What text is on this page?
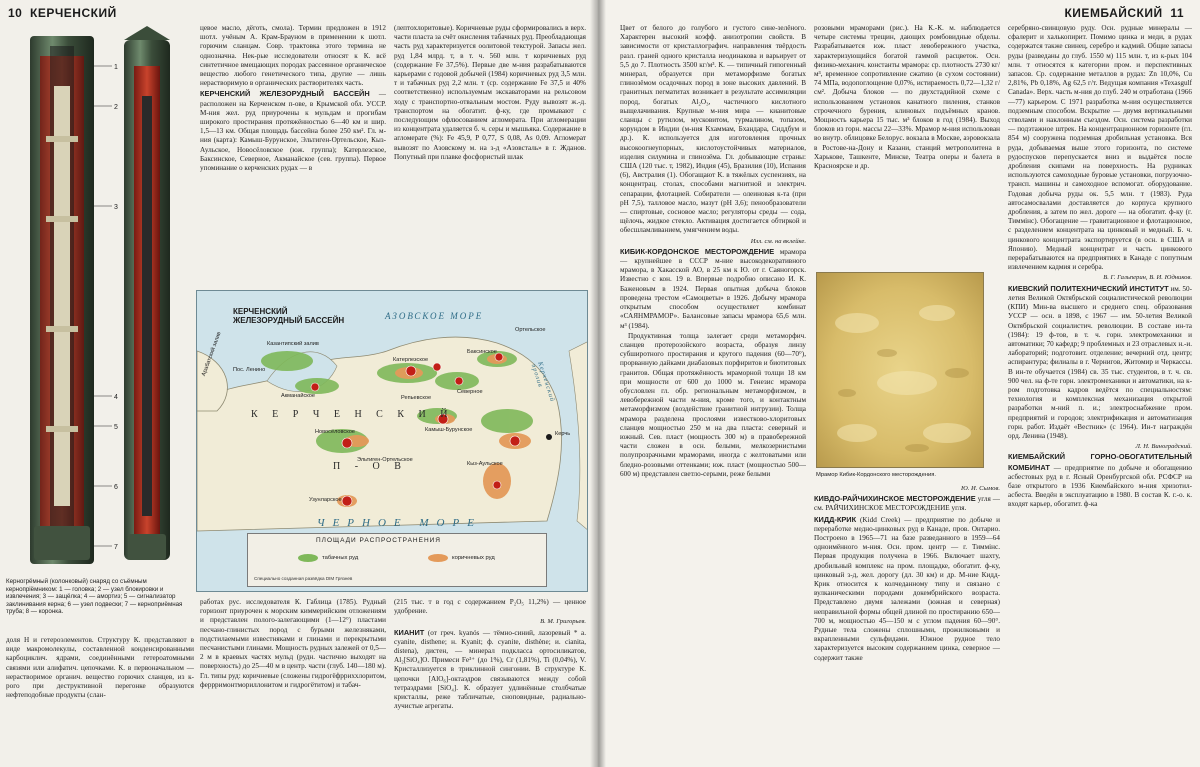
10 КЕРЧЕНСКИЙ
1
2
3
4
5
6
7
Керногрёмный (колонковый) снаряд со съёмным кернопріёмником: 1 — головка; 2 — узел блокировки и извлечения; 3 — защёлка; 4 — амортиз; 5 — сигнализатор заклинивания керна; 6 — узел подвески; 7 — керноприёмная труба; 8 — коронка.

доля Н и гетероэлементов. Структуру К. представляют в виде макромолекулы, составленной конденсированными карбоциклич. ядрами, соединёнными гетероатомными связями или алифатич. цепочками. К. в первоначальном — нерастворимое органич. вещество горючих сланцев, из к-рого при деструктивной перегонке образуются нефтеподобные продукты (слан-

цевое масло, дёготь, смола). Термин предложен в 1912 шотл. учёным А. Крам-Брауном в применении к шотл. горючим сланцам. Совр. трактовка этого термина не однозначна. Нек-рые исследователи относят к К. всё синтетичное вмещающих породах рассеянное органическое вещество любого генетического типа, другие — лишь нерастворимую в органических растворителях часть.

КЕРЧЕНСКИЙ ЖЕЛЕЗОРУДНЫЙ БАССЕЙН — расположен на Керченском п-ове, в Крымской обл. УССР. М-ния жел. руд приурочены к мульдам и прогибам широкого простирания протяжённостью 6—40 км и шир. 1,5—13 км. Общая площадь бассейна более 250 км². Гл. м-ния (карта): Камыш-Бурунское, Эльтиген-Ортельское, Кыз-Аульское, Новосёловское (юж. группа); Катерлезское, Баксинское, Северное, Акманайское (сев. группа). Первое упоминание о керченских рудах — в

(лептохлоритовые). Коричневые руды сформировались в верх. части пласта за счёт окисления табачных руд. Преобладающая часть руд характеризуется оолитовой текстурой. Запасы жел. руд 1,84 млрд. т, в т. ч. 560 млн. т коричневых руд (содержание Fe 37,5%). Первые две м-ния разрабатываются карьерами с годовой добычей (1984) коричневых руд 3,5 млн. т и табачных руд 2,2 млн. т (ср. содержание Fe 37,5 и 40% соответственно) используемым экскаваторами на рельсовом ходу с транспортно-отвальным мостом. Руду вывозят ж.-д. транспортом на обогатит. ф-ку, где промывают с последующим офлюсованием агломерата. При агломерации из концентрата удаляется б. ч. серы и мышьяка. Содержание в агломерате (%): Fe 45,9, P 0,77, S 0,08, As 0,09. Агломерат вывозят по Азовскому м. на з-д «Азовсталь» в г. Жданов. Попутный при плавке фосфористый шлак

КЕРЧЕНСКИЙ
ЖЕЛЕЗОРУДНЫЙ БАССЕЙН	АЗОВСКОЕ МОРЕ
ЧЕРНОЕ МОРЕ
Керченский пролив
Казантипский залив
Арабатский залив
К Е Р Ч Е Н С К И Й
П - О В
Катерлезское
Баксинское
Северное
Акманайское
Новосёловское	Камыш-Бурунское
Эльтиген-Ортельское
Кыз-Аульское
Ортельское
Керчь
Узунларское
Репьевское
Пос. Ленино
ПЛОЩАДИ РАСПРОСТРАНЕНИЯ
табачных руд	коричневых руд
Специально созданная развёдка DIM Грязнев

работах рус. исследователя К. Габлица (1785). Рудный горизонт приурочен к морским киммерийским отложениям и представлен полого-залегающими (1—12°) пластами песчано-глинистых пород с бурыми железняками, подстилаемыми известняками и глинами и перекрытыми песчанистыми глинами. Мощность рудных залежей от 0,5—2 м в краевых частях мульд (рудн. частично выходят на поверхность) до 25—40 м в центр. части (глуб. 140—180 м). Гл. типы руд: коричневые (сложены гидрогёфрриххлоритом, феррримонтмориллонитом и гидрогётитом) и табач-

(215 тыс. т в год с содержанием P₂O₅ 11,2%) — ценное удобрение.

В. М. Григорьев.

КИАНИТ (от греч. kyanós — тёмно-синий, лазоревый * а. cyanite, disthene; н. Kyanit; ф. cyanite, disthène; и. cianita, distena), дистен, — минерал подкласса ортосиликатов, Al₂[SiO₄]O. Примеси Fe³⁺ (до 1%), Cr (1,81%), Ti (0,04%), V. Кристаллизуется в триклинной сингонии. В структуре К. цепочки [AlO₆]-октаэдров связываются между собой тетраэдрами [SiO₄]. К. образует удлинённые столбчатые кристаллы, реже табличатые, сноповидные, радиально-лучистые агрегаты.

КИЕМБАЙСКИЙ 11

Цвет от белого до голубого и густого сине-зелёного. Характерен высокий коэфф. анизотропии свойств. В зависимости от кристаллографич. направления твёрдость разл. граней одного кристалла неодинакова и варьирует от 5,5 до 7. Плотность 3500 кг/м³. К. — типичный гипогенный минерал, образуется при метаморфизме богатых глинозёмом осадочных пород в зоне высоких давлений. В гранитных пегматитах возникает в результате ассимиляции пород, богатых Al₂O₃, частичного кислотного выщелачивания. Крупные м-ния мира — кианитовые сланцы с рутилом, мусковитом, турмалином, топазом, корундом в Индии (м-ния Кхаммам, Бхандара, Сиддбум и др.). К. используется для изготовления прочных высокоогнеупорных, кислотоустойчивых материалов, изделия силумина и глинозёма. Гл. добывающие страны: США (120 тыс. т, 1982), Индия (45), Бразилия (10), Испания (6), Австралия (1). Обогащают К. в тяжёлых суспензиях, на концентрац. столах, способами магнитной и электрич. сепарации, флотацией. Собиратели — олеиновая к-та (при pH 7,5), талловое масло, мазут (pH 3,6); пенообразователи — спиртовые, сосновое масло; регуляторы среды — сода, щёлочь, жидкое стекло. Активация достигается обтиркой и обесшламливанием, умягчением воды.

Илл. см. на вклейке.

КИБИК-КОРДОНСКОЕ МЕСТОРОЖДЕНИЕ мрамора — крупнейшее в СССР м-ние высокодекоративного мрамора, в Хакасской АО, в 25 км к Ю. от г. Саяногорск. Известно с кон. 19 в. Впервые подробно описано И. К. Баженовым в 1924. Первая опытная добыча блоков проведена трестом «Самоцветы» в 1926. Добычу мрамора открытым способом осуществляет комбинат «САЯНМРАМОР». Балансовые запасы мрамора 65,6 млн. м³ (1984).

Продуктивная толща залегает среди метаморфич. сланцев протерозойского возраста, образуя линзу субширотного простирания и крутого падения (60—70°), прорванную дайками диабазовых порфиритов и биотитовых гранитов. Общая протяжённость мраморной толщи 18 км при мощности от 600 до 1000 м. Генезис мрамора обусловлен гл. обр. региональным метаморфизмом, в левобережной части м-ния, кроме того, и контактным метаморфизмом (воздействие гранитной интрузии). Толща мрамора разделена прослоями известково-хлоритовых сланцев мощностью 250 м на два пласта: северный и южный. Сев. пласт (мощность 300 м) в правобережной части сложен в осн. белыми, мелкозернистыми полупрозрачными мраморами, иногда с желтоватыми или бледно-розовыми оттенками; юж. пласт (мощностью 500—600 м) представлен светло-серыми, реже белыми

розовыми мраморами (рис.). На К.-К. м. наблюдается четыре системы трещин, дающих ромбовидные обделы. Разрабатывается юж. пласт левобережного участка, характеризующийся богатой гаммой расцветок. Осн. физико-механич. константы мрамора: ср. плотность 2730 кг/м³, временное сопротивление сжатию (в сухом состоянии) 74 МПа, водопоглощение 0,07%, истираемость 0,72—1,32 г/см². Добыча блоков — по двухстадийной схеме с использованием установок канатного пиления, станков строчечного бурения, клиновых подъёмных кранов. Мощность карьера 15 тыс. м³ блоков в год (1984). Выход блоков из горн. массы 22—33%. Мрамор м-ния использован во внутр. облицовке Белорус. вокзала в Москве, аэровокзала в Ростове-на-Дону и Казани, станций метрополитена в Харькове, Ташкенте, Минске, Театра оперы и балета в Красноярске и др.

Ю. И. Сымов.

КИВДО-РАЙЧИХИНСКОЕ МЕСТОРОЖДЕНИЕ угля — см. РАЙЧИХИНСКОЕ МЕСТОРОЖДЕНИЕ угля.

КИДД-КРИК (Kidd Creek) — предприятие по добыче и переработке медно-цинковых руд в Канаде, пров. Онтарио. Построено в 1965—71 на базе разведанного в 1959—64 одноимённого м-ния. Осн. пром. центр — г. Тиммінс. Первая продукция получена в 1966. Включает шахту, дробильный комплекс на пром. площадке, обогатит. ф-ку, цинковый з-д, жел. дорогу (дл. 30 км) и др. М-ние Кидд-Крик относится к колчеданному типу и связано с вулканическими породами докембрийского возраста. Представлено двумя залежами (южная и северная) неправильной формы общей длиной по простиранию 650—700 м, мощностью 45—150 м с углом падения 60—90°. Рудные тела сложены сплошными, прожилковыми и вкрапленными сульфидами. Южное рудное тело характеризуется высоким содержанием цинка, северное — содержит также

серебряно-свинцовую руду. Осн. рудные минералы — сфалерит и халькопирит. Помимо цинка и меди, в рудах содержатся также свинец, серебро и кадмий. Общие запасы руды (разведаны до глуб. 1550 м) 115 млн. т, из к-рых 104 млн. т относятся к категории пром. и перспективных запасов. Ср. содержание металлов в рудах: Zn 10,0%, Cu 2,81%, Pb 0,18%, Ag 62,5 г/т. Ведущая компания «Texasgulf Canada». Верх. часть м-ния до глуб. 240 м отработана (1966—77) карьером. С 1971 разработка м-ния осуществляется подземным способом. Вскрытие — двумя вертикальными стволами и наклонным съездом. Осн. система разработки — подэтажное штрек. На концентрационном горизонте (гл. 854 м) сооружена подземная дробильная установка. Вся руда, добываемая выше этого горизонта, по системе рудоспусков перепускается вниз и выдаётся после дробления скипами на поверхность. На рудниках используются самоходные буровые установки, погрузочно-трансп. машины и самоходное вспомогат. оборудование. Годовая добыча руды ок. 5,5 млн. т (1983). Руда автосамосвалами доставляется до корпуса крупного дробления, а затем по жел. дороге — на обогатит. ф-ку (г. Тиммінс). Обогащение — гравитационное и флотационное, с разделением концентрата на цинковый и медный. Б. ч. цинкового концентрата экспортируется (в осн. в США и Японию). Медный концентрат и часть цинкового перерабатываются на предприятиях в Канаде с попутным извлечением кадмия и серебра.

В. Г. Гальперин, В. И. Юдников.

КИЕВСКИЙ ПОЛИТЕХНИЧЕСКИЙ ИНСТИТУТ им. 50-летия Великой Октябрьской социалистической революции (КПИ) Мин-ва высшего и среднего спец. образования УССР — осн. в 1898, с 1967 — им. 50-летия Великой Октябрьской социалистич. революции. В составе ин-та (1984): 19 ф-тов, в т. ч. горн. электромеханики и автоматики; 70 кафедр; 9 проблемных и 23 отраслевых н.-и. лабораторий; подготовит. отделение; вечерний отд. центр; аспирантура; филиалы в г. Чернигов, Житомир и Черкассы. В ин-те обучается (1984) св. 35 тыс. студентов, в т. ч. св. 900 чел. на ф-те горн. электромеханики и автоматики, на к-ром подготовка кадров ведётся по специальностям: технология и комплексная механизация открытой разработки м-ний п. и.; электроснабжение пром. предприятий и городов; электрификация и автоматизация горн. работ. Издаёт «Вестник» (с 1964). Ин-т награждён орд. Ленина (1948).

Л. Н. Виноградский.

КИЕМБАЙСКИЙ ГОРНО-ОБОГАТИТЕЛЬНЫЙ КОМБИНАТ — предприятие по добыче и обогащению асбестовых руд в г. Ясный Оренбургской обл. РСФСР на базе открытого в 1936 Киембайского м-ния хризотил-асбеста. Введён в эксплуатацию в 1980. В состав К. г.-о. к. входят карьер, обогатит. ф-ка

Мрамор Кибик-Кордонского месторождения.
